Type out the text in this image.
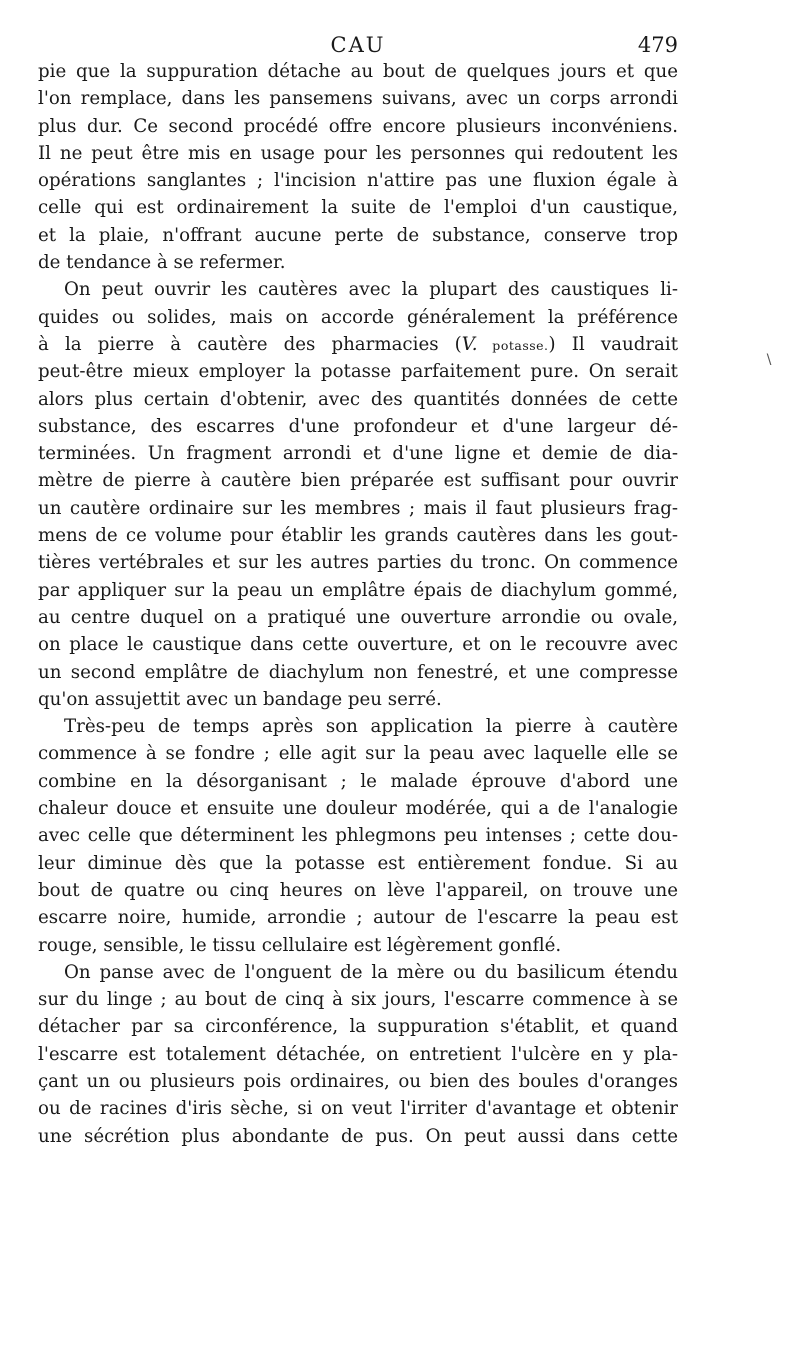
CAU	479
pie que la suppuration détache au bout de quelques jours et que
l'on remplace, dans les pansemens suivans, avec un corps arrondi
plus dur. Ce second procédé offre encore plusieurs inconvéniens.
Il ne peut être mis en usage pour les personnes qui redoutent les
opérations sanglantes ; l'incision n'attire pas une fluxion égale à
celle qui est ordinairement la suite de l'emploi d'un caustique,
et la plaie, n'offrant aucune perte de substance, conserve trop
de tendance à se refermer.
On peut ouvrir les cautères avec la plupart des caustiques li-
quides ou solides, mais on accorde généralement la préférence
à la pierre à cautère des pharmacies (V. potasse.) Il vaudrait
peut-être mieux employer la potasse parfaitement pure. On serait
alors plus certain d'obtenir, avec des quantités données de cette
substance, des escarres d'une profondeur et d'une largeur dé-
terminées. Un fragment arrondi et d'une ligne et demie de dia-
mètre de pierre à cautère bien préparée est suffisant pour ouvrir
un cautère ordinaire sur les membres ; mais il faut plusieurs frag-
mens de ce volume pour établir les grands cautères dans les gout-
tières vertébrales et sur les autres parties du tronc. On commence
par appliquer sur la peau un emplâtre épais de diachylum gommé,
au centre duquel on a pratiqué une ouverture arrondie ou ovale,
on place le caustique dans cette ouverture, et on le recouvre avec
un second emplâtre de diachylum non fenestré, et une compresse
qu'on assujettit avec un bandage peu serré.
Très-peu de temps après son application la pierre à cautère
commence à se fondre ; elle agit sur la peau avec laquelle elle se
combine en la désorganisant ; le malade éprouve d'abord une
chaleur douce et ensuite une douleur modérée, qui a de l'analogie
avec celle que déterminent les phlegmons peu intenses ; cette dou-
leur diminue dès que la potasse est entièrement fondue. Si au
bout de quatre ou cinq heures on lève l'appareil, on trouve une
escarre noire, humide, arrondie ; autour de l'escarre la peau est
rouge, sensible, le tissu cellulaire est légèrement gonflé.
On panse avec de l'onguent de la mère ou du basilicum étendu
sur du linge ; au bout de cinq à six jours, l'escarre commence à se
détacher par sa circonférence, la suppuration s'établit, et quand
l'escarre est totalement détachée, on entretient l'ulcère en y pla-
çant un ou plusieurs pois ordinaires, ou bien des boules d'oranges
ou de racines d'iris sèche, si on veut l'irriter d'avantage et obtenir
une sécrétion plus abondante de pus. On peut aussi dans cette
∖
